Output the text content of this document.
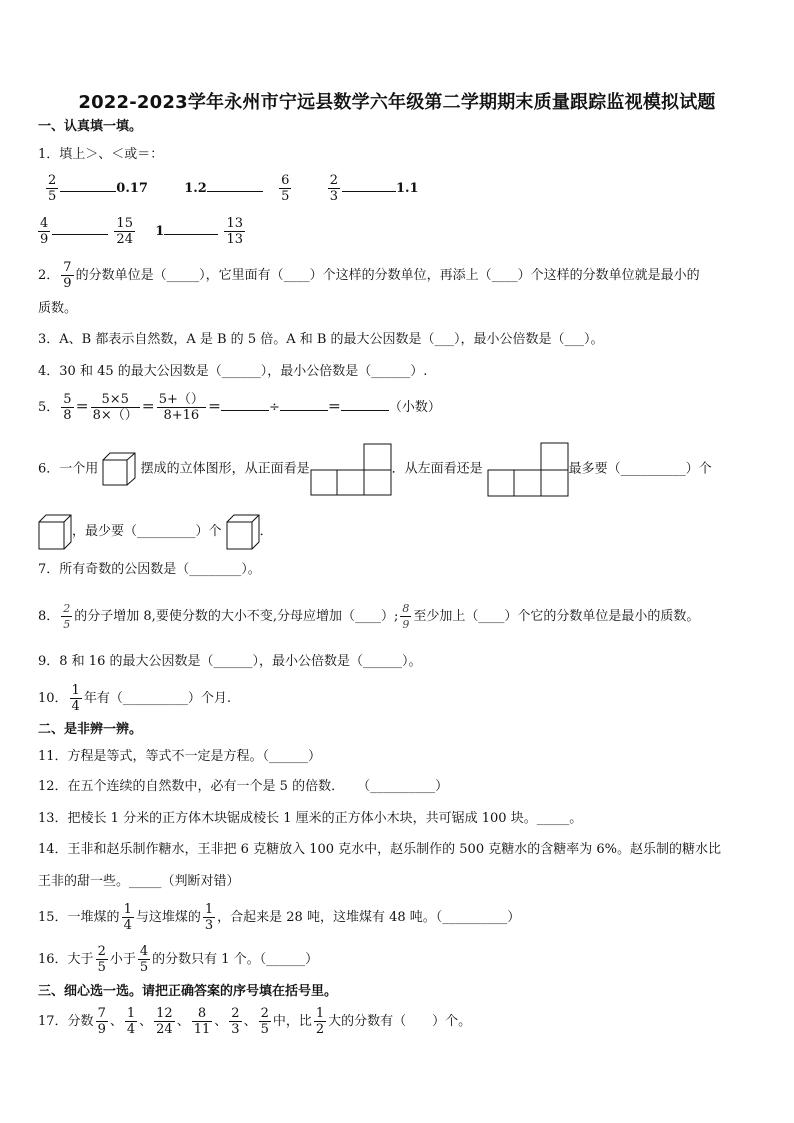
2022-2023学年永州市宁远县数学六年级第二学期期末质量跟踪监视模拟试题
一、认真填一填。
1．填上＞、＜或＝：
$\frac{2}{5}$	0.17	1.2	$\frac{6}{5}$
	$\frac{2}{3}$	1.1
$\frac{4}{9}$
	$\frac{15}{24} 1$	$\frac{13}{13}$
2． $\frac{7}{9}$ 的分数单位是（_____），它里面有（____）个这样的分数单位，再添上（____）个这样的分数单位就是最小的
质数。
3．A、B 都表示自然数，A 是 B 的 5 倍。A 和 B 的最大公因数是（___），最小公倍数是（___）。
4．30 和 45 的最大公因数是（______），最小公倍数是（______）.
5． $\frac{5}{8} = \frac{5\times 5}{8\times()} = \frac{5+()}{8+16}$ ＝	÷	＝	（小数）
6．一个用	摆成的立体图形，从正面看是	．从左面看还是	最多要（__________）个
，最少要（_________）个	．
7．所有奇数的公因数是（________）。
8． $\frac{2}{5}$ 的分子增加 8,要使分数的大小不变,分母应增加（____）; $\frac{8}{9}$ 至少加上（____）个它的分数单位是最小的质数。
9．8 和 16 的最大公因数是（______），最小公倍数是（______）。
10． $\frac{1}{4}$ 年有（__________）个月.
二、是非辨一辨。
11．方程是等式，等式不一定是方程。（______）
12．在五个连续的自然数中，必有一个是 5 的倍数．　　（__________）
13．把棱长 1 分米的正方体木块锯成棱长 1 厘米的正方体小木块，共可锯成 100 块。_____。
14．王非和赵乐制作糖水，王非把 6 克糖放入 100 克水中，赵乐制作的 500 克糖水的含糖率为 6%。赵乐制的糖水比
王非的甜一些。_____（判断对错）
15．一堆煤的 $\frac{1}{4}$ 与这堆煤的 $\frac{1}{3}$ ，合起来是 28 吨，这堆煤有 48 吨。（__________）
16．大于 $\frac{2}{5}$ 小于 $\frac{4}{5}$ 的分数只有 1 个。（______）
三、细心选一选。请把正确答案的序号填在括号里。
17．分数 $\frac{7}{9}$ 、 $\frac{1}{4}$ 、 $\frac{12}{24}$ 、 $\frac{8}{11}$ 、 $\frac{2}{3}$ 、 $\frac{2}{5}$ 中，比 $\frac{1}{2}$ 大的分数有（　　）个。
